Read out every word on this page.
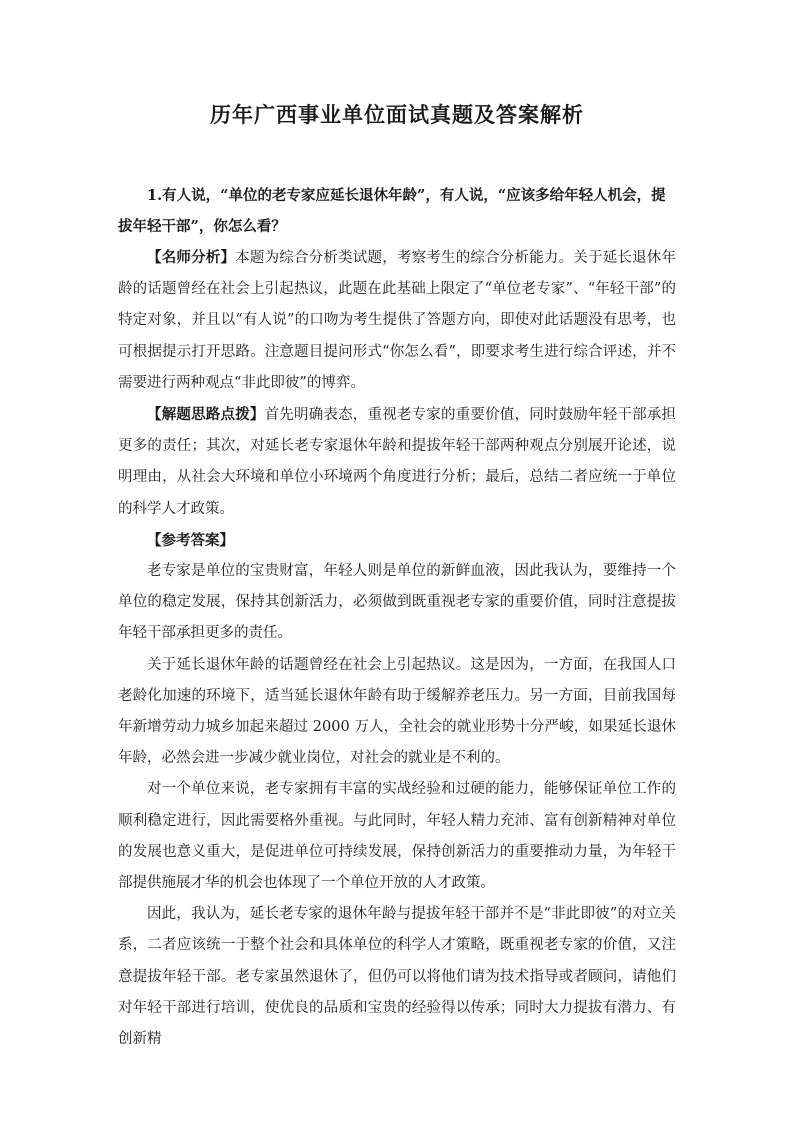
历年广西事业单位面试真题及答案解析

1.有人说，“单位的老专家应延长退休年龄”，有人说，“应该多给年轻人机会，提拔年轻干部”，你怎么看？

【名师分析】本题为综合分析类试题，考察考生的综合分析能力。关于延长退休年龄的话题曾经在社会上引起热议，此题在此基础上限定了“单位老专家”、“年轻干部”的特定对象，并且以“有人说”的口吻为考生提供了答题方向，即使对此话题没有思考，也可根据提示打开思路。注意题目提问形式“你怎么看”，即要求考生进行综合评述，并不需要进行两种观点“非此即彼”的博弈。

【解题思路点拨】首先明确表态，重视老专家的重要价值，同时鼓励年轻干部承担更多的责任；其次，对延长老专家退休年龄和提拔年轻干部两种观点分别展开论述，说明理由，从社会大环境和单位小环境两个角度进行分析；最后，总结二者应统一于单位的科学人才政策。

【参考答案】

老专家是单位的宝贵财富，年轻人则是单位的新鲜血液，因此我认为，要维持一个单位的稳定发展，保持其创新活力，必须做到既重视老专家的重要价值，同时注意提拔年轻干部承担更多的责任。

关于延长退休年龄的话题曾经在社会上引起热议。这是因为，一方面，在我国人口老龄化加速的环境下，适当延长退休年龄有助于缓解养老压力。另一方面，目前我国每年新增劳动力城乡加起来超过 2000 万人，全社会的就业形势十分严峻，如果延长退休年龄，必然会进一步减少就业岗位，对社会的就业是不利的。

对一个单位来说，老专家拥有丰富的实战经验和过硬的能力，能够保证单位工作的顺利稳定进行，因此需要格外重视。与此同时，年轻人精力充沛、富有创新精神对单位的发展也意义重大，是促进单位可持续发展，保持创新活力的重要推动力量，为年轻干部提供施展才华的机会也体现了一个单位开放的人才政策。

因此，我认为，延长老专家的退休年龄与提拔年轻干部并不是“非此即彼”的对立关系，二者应该统一于整个社会和具体单位的科学人才策略，既重视老专家的价值，又注意提拔年轻干部。老专家虽然退休了，但仍可以将他们请为技术指导或者顾问，请他们对年轻干部进行培训，使优良的品质和宝贵的经验得以传承；同时大力提拔有潜力、有创新精
